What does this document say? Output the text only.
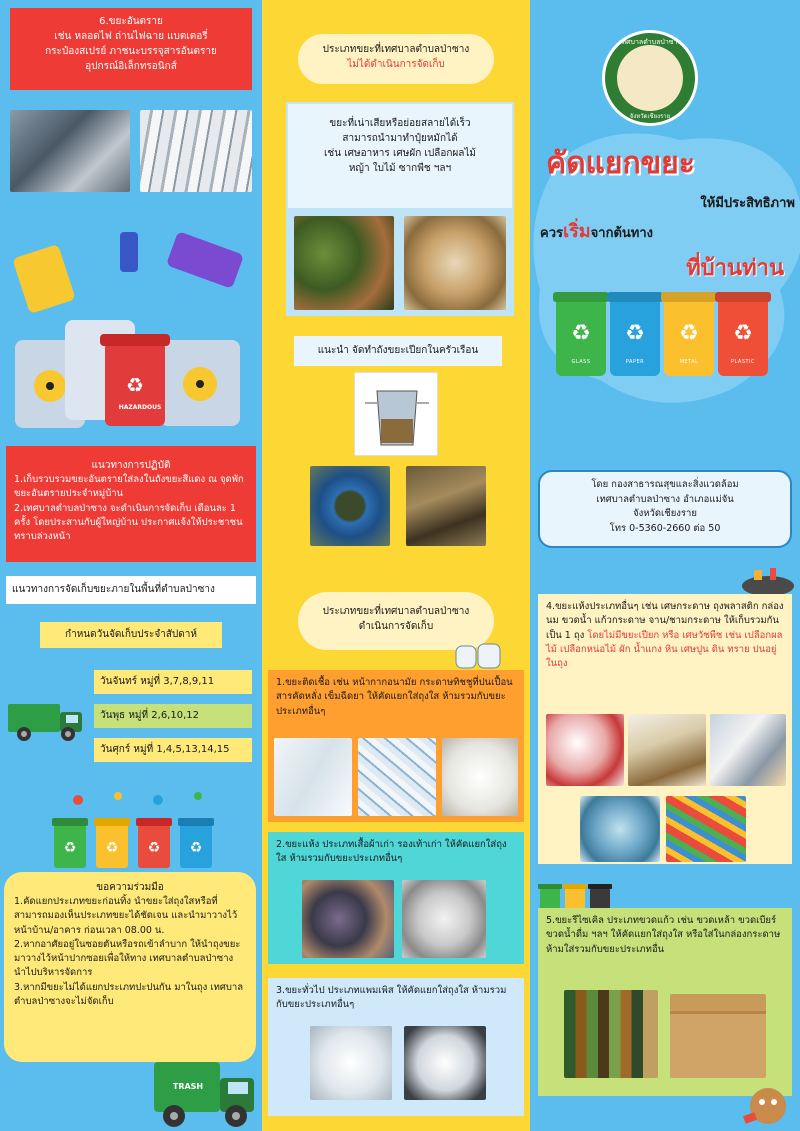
6.ขยะอันตราย
เช่น หลอดไฟ ถ่านไฟฉาย แบตเตอรี่
กระป๋องสเปรย์ ภาชนะบรรจุสารอันตราย
อุปกรณ์อิเล็กทรอนิกส์
♻
HAZARDOUS
แนวทางการปฏิบัติ
1.เก็บรวบรวมขยะอันตรายใส่ลงในถังขยะสีแดง ณ จุดพักขยะอันตรายประจำหมู่บ้าน
2.เทศบาลตำบลป่าซาง จะดำเนินการจัดเก็บ เดือนละ 1 ครั้ง โดยประสานกับผู้ใหญ่บ้าน ประกาศแจ้งให้ประชาชนทราบล่วงหน้า
แนวทางการจัดเก็บขยะภายในพื้นที่ตำบลป่าซาง
กำหนดวันจัดเก็บประจำสัปดาห์
วันจันทร์ หมู่ที่ 3,7,8,9,11
วันพุธ หมู่ที่ 2,6,10,12
วันศุกร์ หมู่ที่ 1,4,5,13,14,15
♻ ♻ ♻ ♻
ขอความร่วมมือ
1.คัดแยกประเภทขยะก่อนทิ้ง นำขยะใส่ถุงใสหรือที่สามารถมองเห็นประเภทขยะได้ชัดเจน และนำมาวางไว้หน้าบ้าน/อาคาร ก่อนเวลา 08.00 น.
2.หากอาศัยอยู่ในซอยตันหรือรถเข้าลำบาก ให้นำถุงขยะมาวางไว้หน้าปากซอยเพื่อให้ทาง เทศบาลตำบลป่าซาง นำไปบริหารจัดการ
3.หากมีขยะไม่ได้แยกประเภทปะปนกัน มาในถุง เทศบาลตำบลป่าซางจะไม่จัดเก็บ
TRASH
ประเภทขยะที่เทศบาลตำบลป่าซาง
ไม่ได้ดำเนินการจัดเก็บ
ขยะที่เน่าเสียหรือย่อยสลายได้เร็ว
สามารถนำมาทำปุ๋ยหมักได้
เช่น เศษอาหาร เศษผัก เปลือกผลไม้
หญ้า ใบไม้ ซากพืช ฯลฯ
แนะนำ จัดทำถังขยะเปียกในครัวเรือน
ประเภทขยะที่เทศบาลตำบลป่าซาง
ดำเนินการจัดเก็บ
1.ขยะติดเชื้อ เช่น หน้ากากอนามัย กระดาษทิชชูที่ปนเปื้อนสารคัดหลั่ง เข็มฉีดยา ให้คัดแยกใส่ถุงใส ห้ามรวมกับขยะประเภทอื่นๆ
2.ขยะแห้ง ประเภทเสื้อผ้าเก่า รองเท้าเก่า ให้คัดแยกใส่ถุงใส ห้ามรวมกับขยะประเภทอื่นๆ
3.ขยะทั่วไป ประเภทแพมเพิส ให้คัดแยกใส่ถุงใส ห้ามรวมกับขยะประเภทอื่นๆ
เทศบาลตำบลป่าซาง
จังหวัดเชียงราย
คัดแยกขยะ
ให้มีประสิทธิภาพ
ควรเริ่มจากต้นทาง
ที่บ้านท่าน
♻
GLASS
♻
PAPER
♻
METAL
♻
PLASTIC
โดย กองสาธารณสุขและสิ่งแวดล้อม
เทศบาลตำบลป่าซาง อำเภอแม่จัน
จังหวัดเชียงราย
โทร 0-5360-2660 ต่อ 50
4.ขยะแห้งประเภทอื่นๆ เช่น เศษกระดาษ ถุงพลาสติก กล่องนม ขวดน้ำ แก้วกระดาษ จาน/ชามกระดาษ ให้เก็บรวมกันเป็น 1 ถุง โดยไม่มีขยะเปียก หรือ เศษวัชพืช เช่น เปลือกผลไม้ เปลือกหน่อไม้ ผัก น้ำแกง หิน เศษปูน ดิน ทราย ปนอยู่ในถุง
5.ขยะรีไซเคิล ประเภทขวดแก้ว เช่น ขวดเหล้า ขวดเบียร์ ขวดน้ำดื่ม ฯลฯ ให้คัดแยกใส่ถุงใส หรือใส่ในกล่องกระดาษ ห้ามใส่รวมกับขยะประเภทอื่น
